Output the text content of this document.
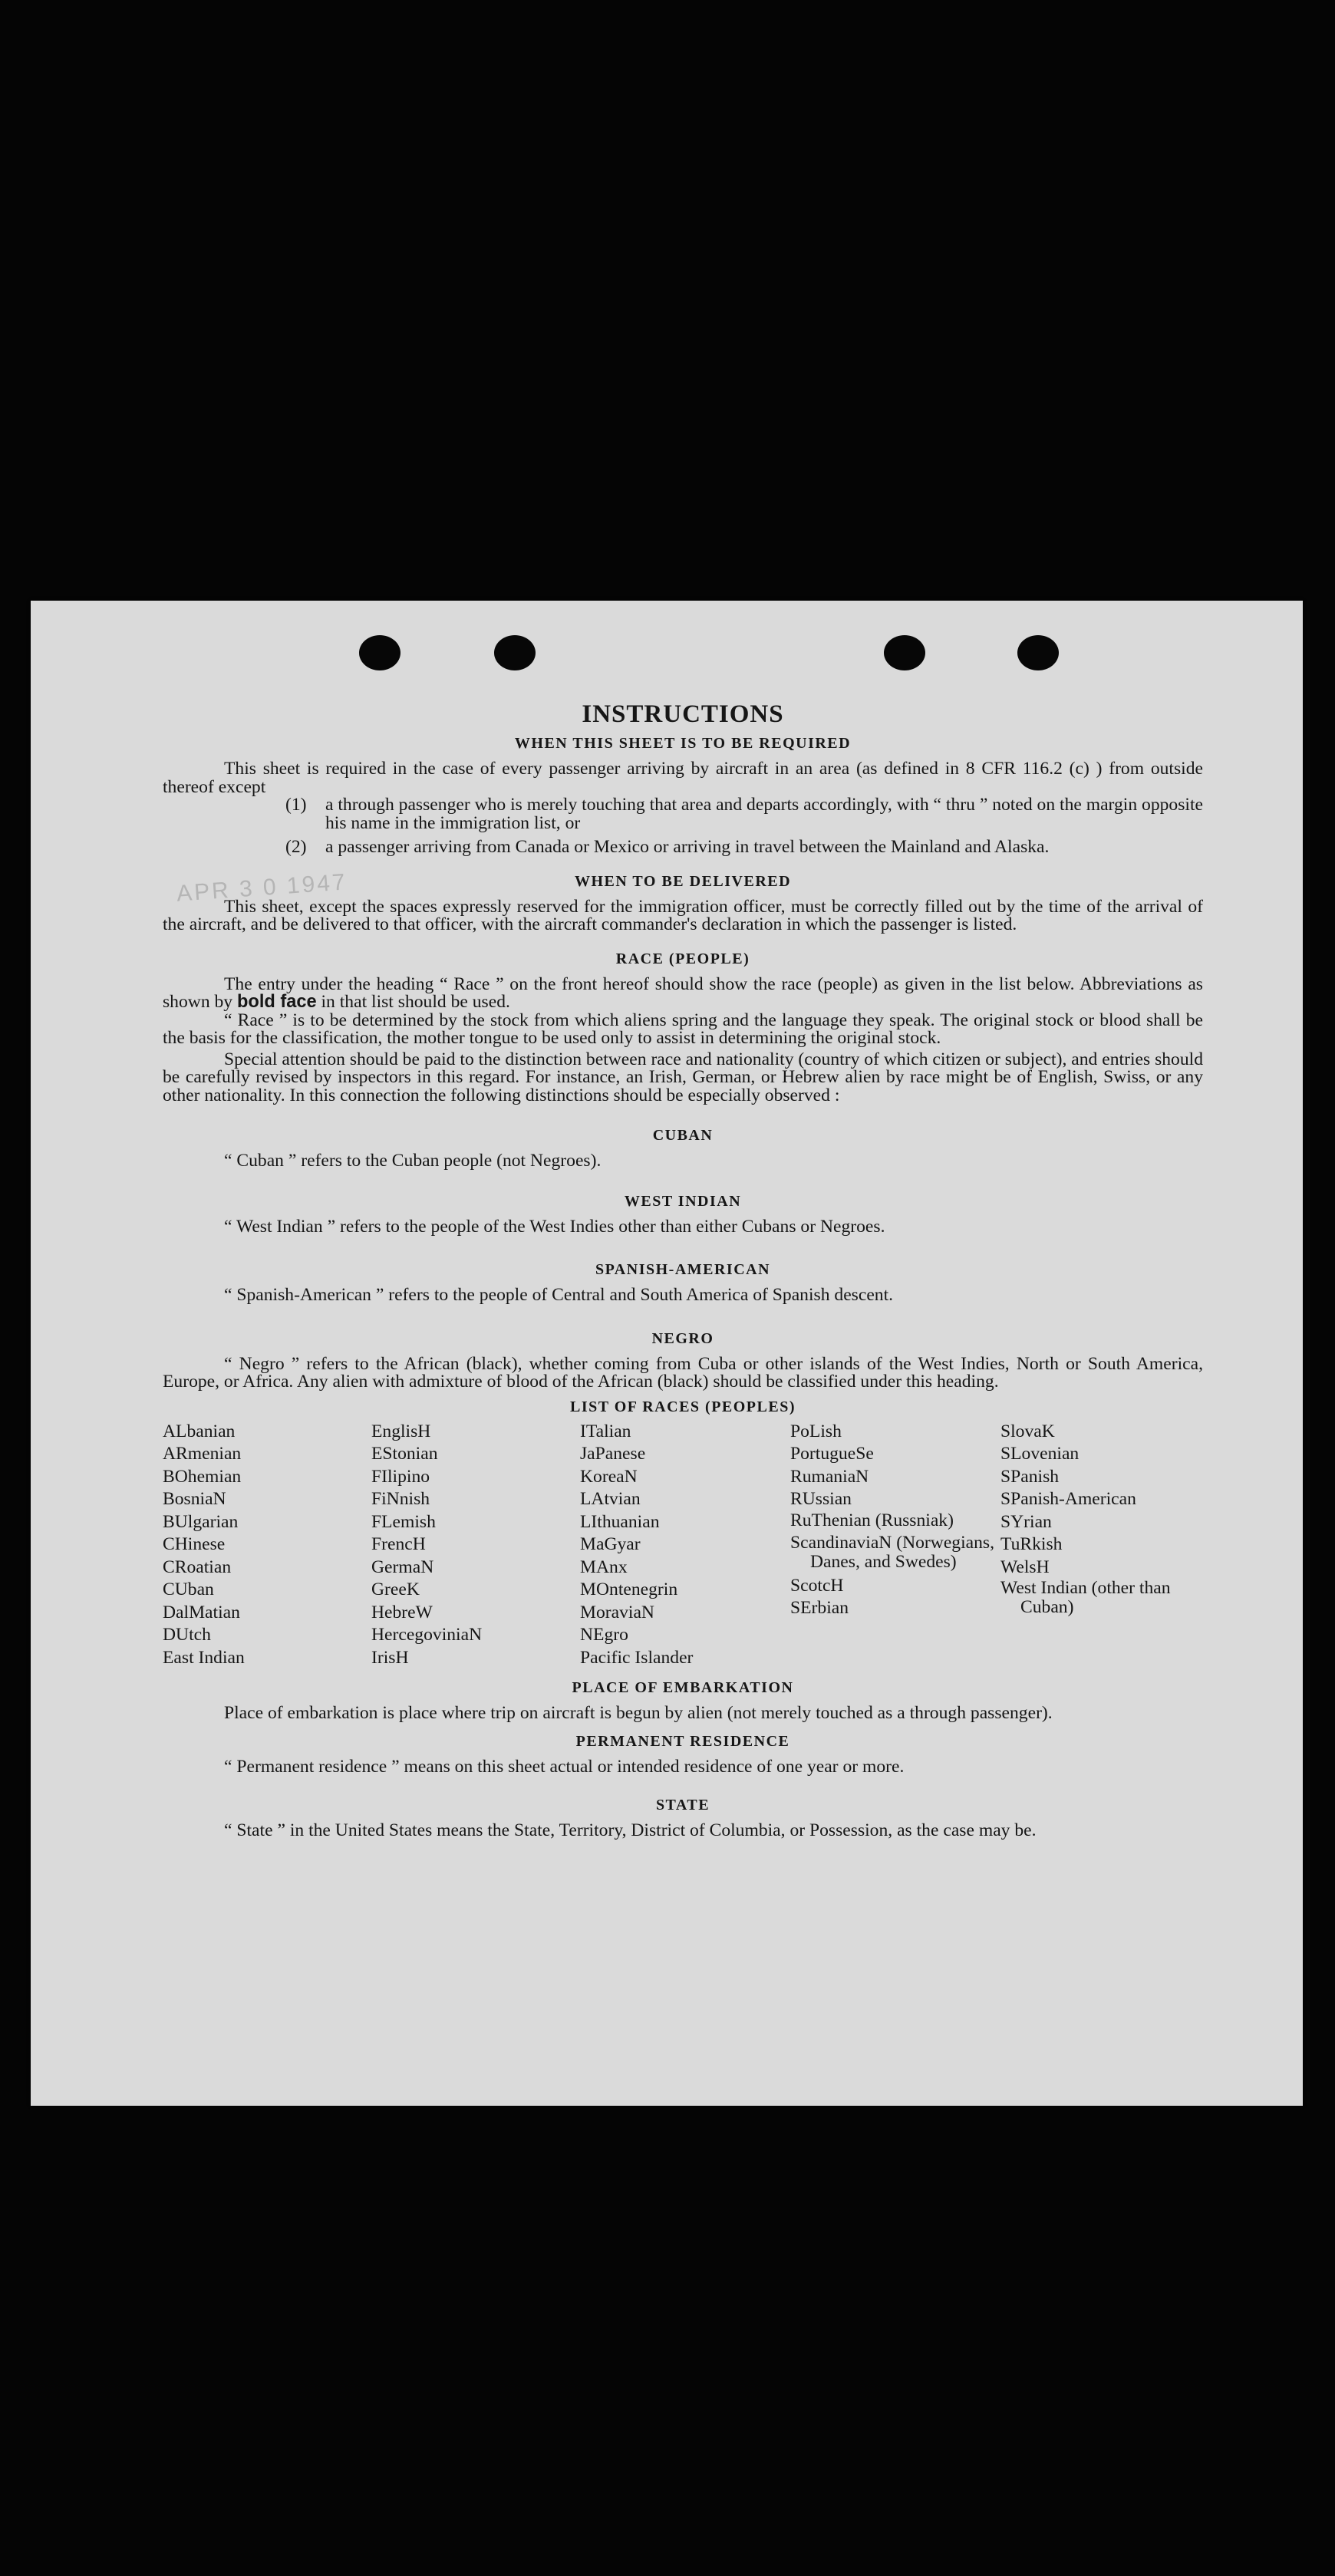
APR 3 0 1947
INSTRUCTIONS
WHEN THIS SHEET IS TO BE REQUIRED

This sheet is required in the case of every passenger arriving by aircraft in an area (as defined in 8 CFR 116.2 (c) ) from outside thereof except

(1)	a through passenger who is merely touching that area and departs accordingly, with “ thru ” noted on the margin opposite his name in the immigration list, or
(2)	a passenger arriving from Canada or Mexico or arriving in travel between the Mainland and Alaska.
WHEN TO BE DELIVERED

This sheet, except the spaces expressly reserved for the immigration officer, must be correctly filled out by the time of the arrival of the aircraft, and be delivered to that officer, with the aircraft commander's declaration in which the passenger is listed.

RACE (PEOPLE)

The entry under the heading “ Race ” on the front hereof should show the race (people) as given in the list below. Abbreviations as shown by bold face in that list should be used.

“ Race ” is to be determined by the stock from which aliens spring and the language they speak. The original stock or blood shall be the basis for the classification, the mother tongue to be used only to assist in determining the original stock.

Special attention should be paid to the distinction between race and nationality (country of which citizen or subject), and entries should be carefully revised by inspectors in this regard. For instance, an Irish, German, or Hebrew alien by race might be of English, Swiss, or any other nationality. In this connection the following distinctions should be especially observed :

CUBAN

“ Cuban ” refers to the Cuban people (not Negroes).

WEST INDIAN

“ West Indian ” refers to the people of the West Indies other than either Cubans or Negroes.

SPANISH-AMERICAN

“ Spanish-American ” refers to the people of Central and South America of Spanish descent.

NEGRO

“ Negro ” refers to the African (black), whether coming from Cuba or other islands of the West Indies, North or South America, Europe, or Africa. Any alien with admixture of blood of the African (black) should be classified under this heading.

LIST OF RACES (PEOPLES)
ALbanian
ARmenian
BOhemian
BosniaN
BUlgarian
CHinese
CRoatian
CUban
DalMatian
DUtch
East Indian
EnglisH
EStonian
FIlipino
FiNnish
FLemish
FrencH
GermaN
GreeK
HebreW
HercegoviniaN
IrisH
ITalian
JaPanese
KoreaN
LAtvian
LIthuanian
MaGyar
MAnx
MOntenegrin
MoraviaN
NEgro
Pacific Islander
PoLish
PortugueSe
RumaniaN
RUssian
RuThenian (Russniak)
ScandinaviaN (Norwegians, Danes, and Swedes)
ScotcH
SErbian
SlovaK
SLovenian
SPanish
SPanish-American
SYrian
TuRkish
WelsH
West Indian (other than Cuban)
PLACE OF EMBARKATION

Place of embarkation is place where trip on aircraft is begun by alien (not merely touched as a through passenger).

PERMANENT RESIDENCE

“ Permanent residence ” means on this sheet actual or intended residence of one year or more.

STATE

“ State ” in the United States means the State, Territory, District of Columbia, or Possession, as the case may be.
